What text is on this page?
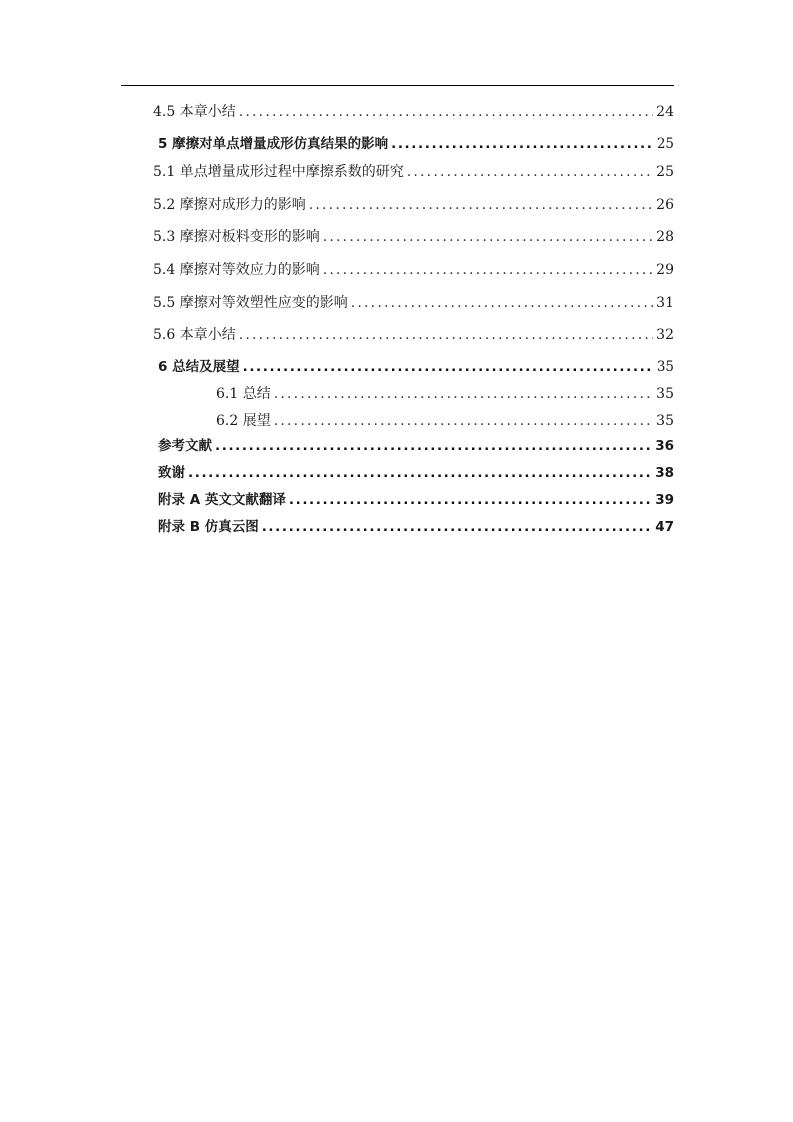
4.5 本章小结 .....	24
5 摩擦对单点增量成形仿真结果的影响 .....	25
5.1 单点增量成形过程中摩擦系数的研究 .....	25
5.2 摩擦对成形力的影响 .....	26
5.3 摩擦对板料变形的影响 .....	28
5.4 摩擦对等效应力的影响 .....	29
5.5 摩擦对等效塑性应变的影响 .....	31
5.6 本章小结 .....	32
6 总结及展望 .....	35
6.1 总结 .....	35
6.2 展望 .....	35
参考文献 .....	36
致谢 .....	38
附录 A 英文文献翻译 .....	39
附录 B 仿真云图 .....	47
